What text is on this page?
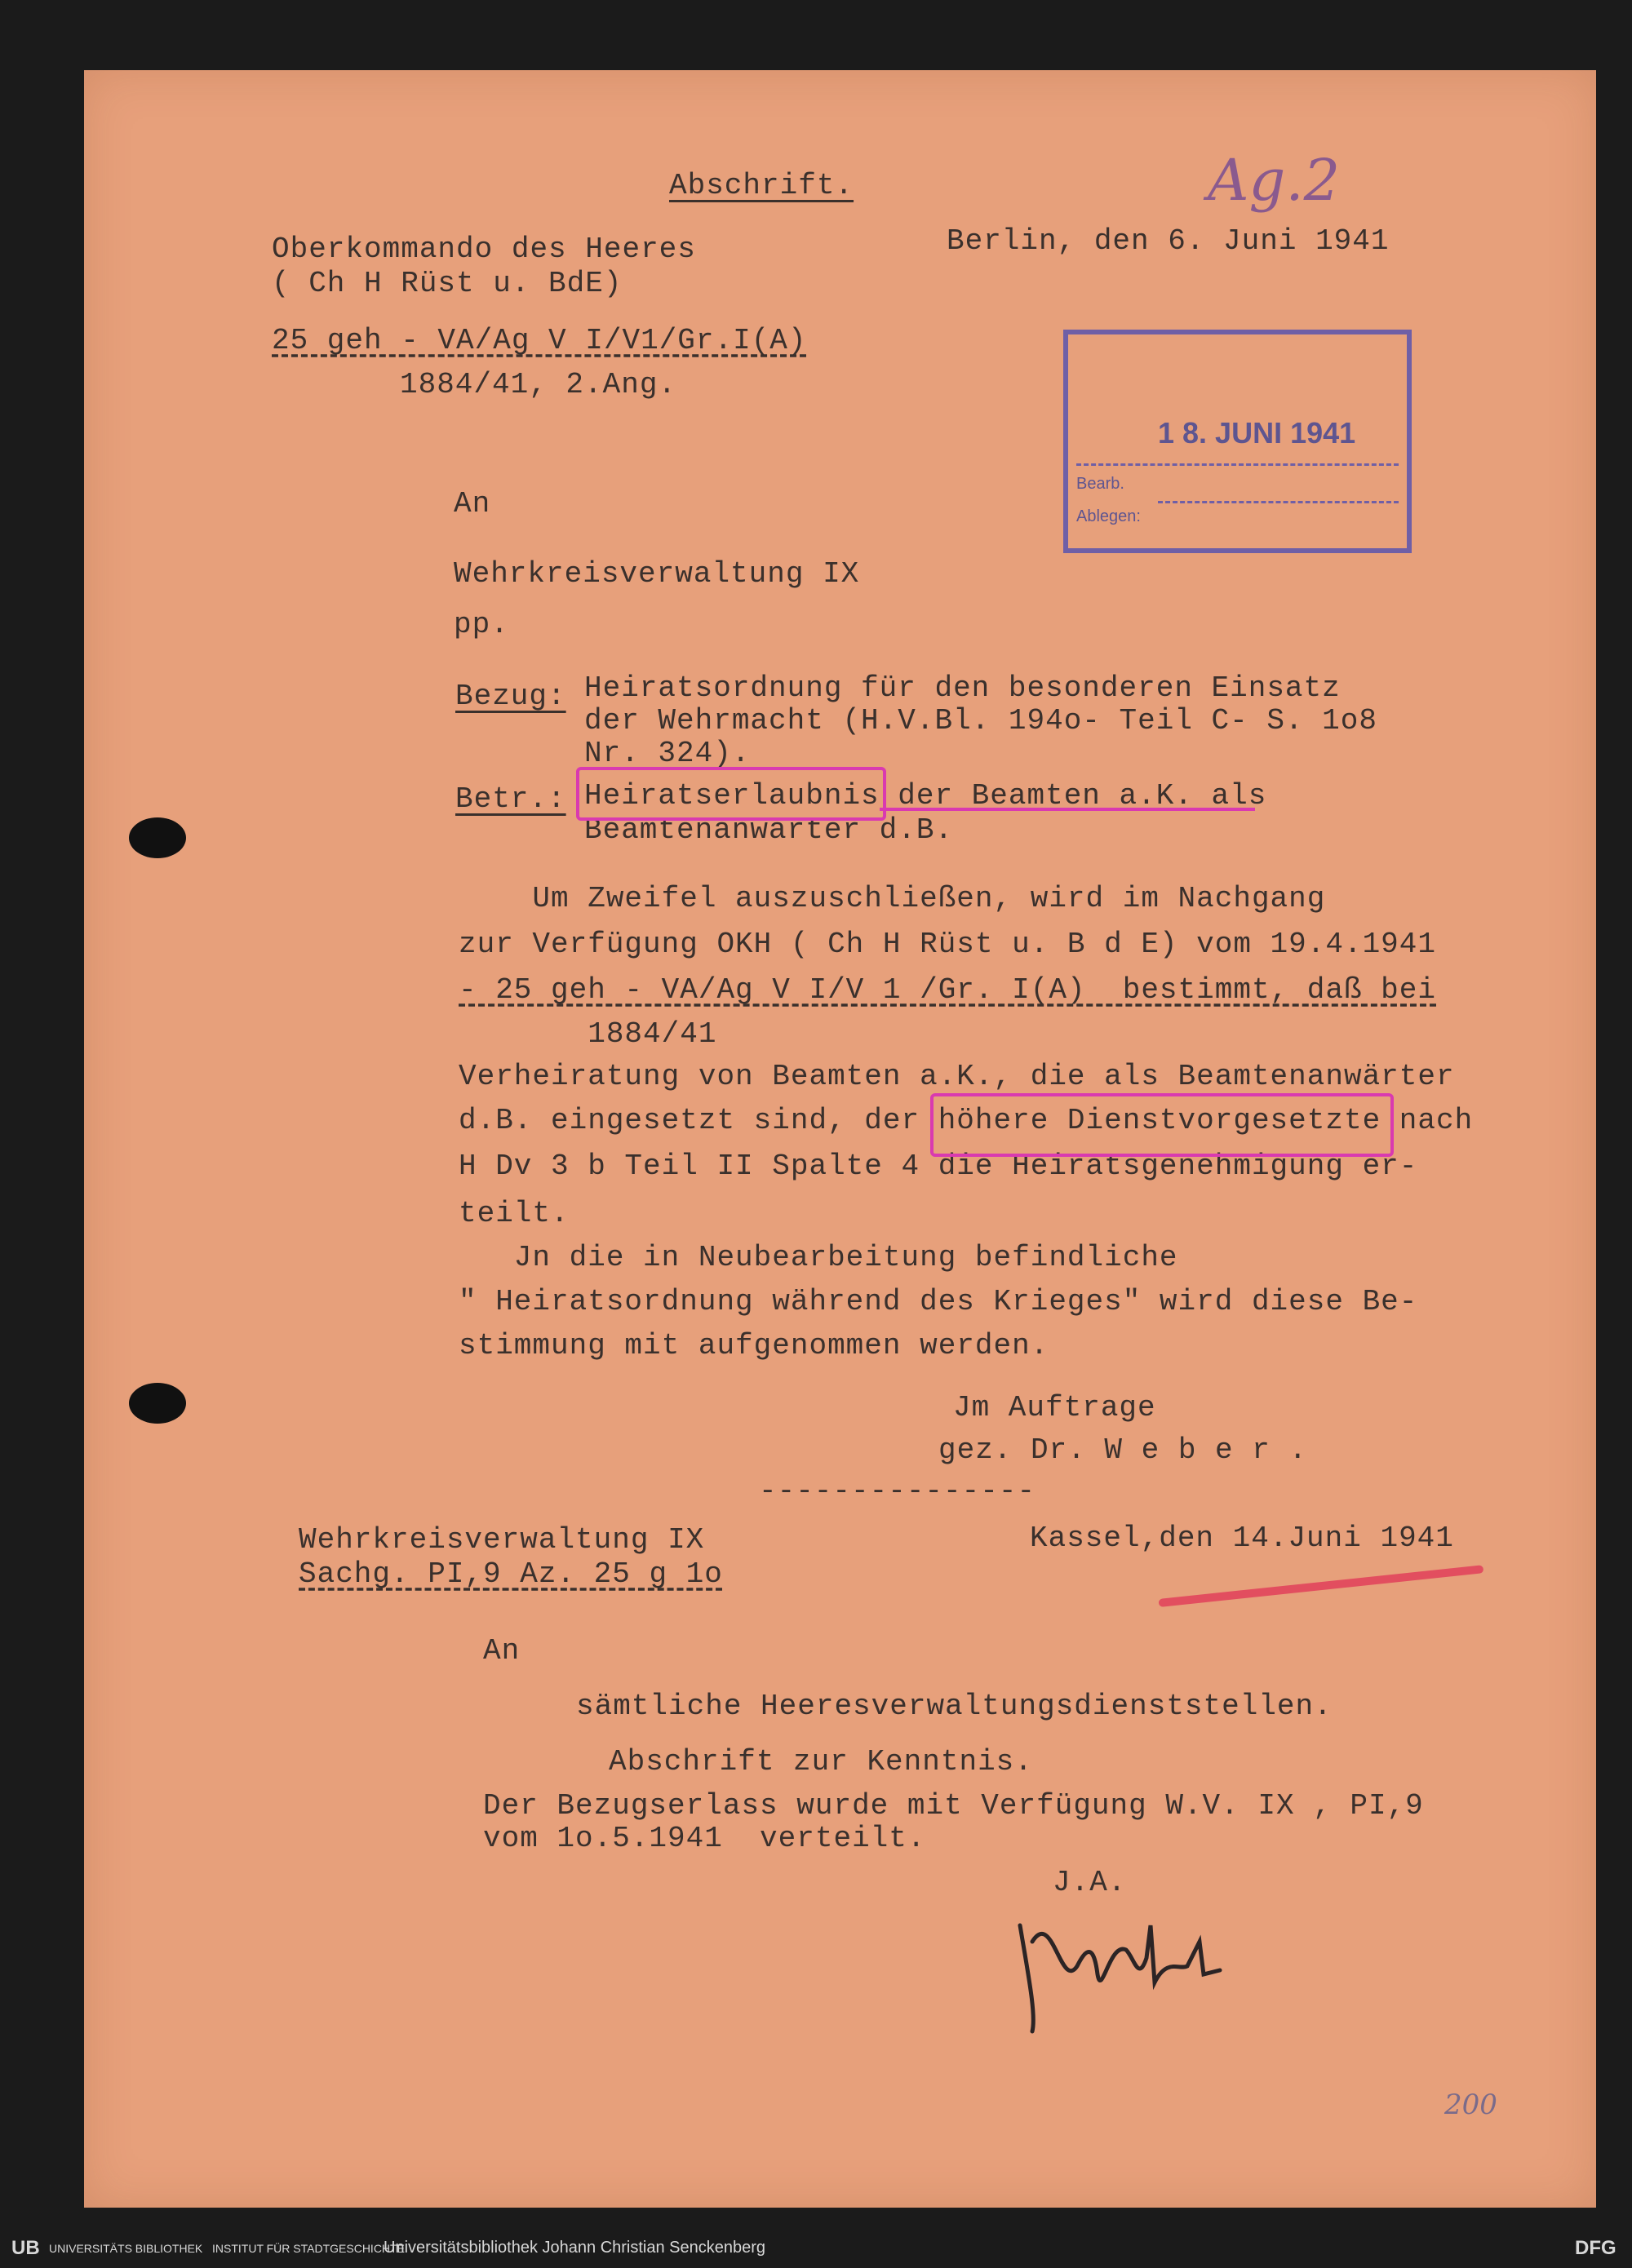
Ag.2
Abschrift.
Oberkommando des Heeres
( Ch H Rüst u. BdE)
Berlin, den 6. Juni 1941
25 geh - VA/Ag V I/V1/Gr.I(A)
1884/41, 2.Ang.
1 8. JUNI 1941
Bearb.
Ablegen:
An
Wehrkreisverwaltung IX
pp.
Bezug: Heiratsordnung für den besonderen Einsatz
der Wehrmacht (H.V.Bl. 194o- Teil C- S. 1o8
Nr. 324).
Betr.: Heiratserlaubnis der Beamten a.K. als
Beamtenanwärter d.B.
Um Zweifel auszuschließen, wird im Nachgang
zur Verfügung OKH ( Ch H Rüst u. B d E) vom 19.4.1941
- 25 geh - VA/Ag V I/V 1 /Gr. I(A)  bestimmt, daß bei
1884/41
Verheiratung von Beamten a.K., die als Beamtenanwärter
d.B. eingesetzt sind, der höhere Dienstvorgesetzte nach
H Dv 3 b Teil II Spalte 4 die Heiratsgenehmigung er-
teilt.
Jn die in Neubearbeitung befindliche
" Heiratsordnung während des Krieges" wird diese Be-
stimmung mit aufgenommen werden.
Jm Auftrage
gez. Dr. W e b e r .
---------------
Wehrkreisverwaltung IX
Sachg. PI,9 Az. 25 g 1o
Kassel,den 14.Juni 1941
An
sämtliche Heeresverwaltungsdienststellen.
Abschrift zur Kenntnis.
Der Bezugserlass wurde mit Verfügung W.V. IX , PI,9
vom 1o.5.1941  verteilt.
J.A.
200
UB UNIVERSITÄTS BIBLIOTHEK INSTITUT FÜR STADTGESCHICHTE
Universitätsbibliothek Johann Christian Senckenberg	DFG
